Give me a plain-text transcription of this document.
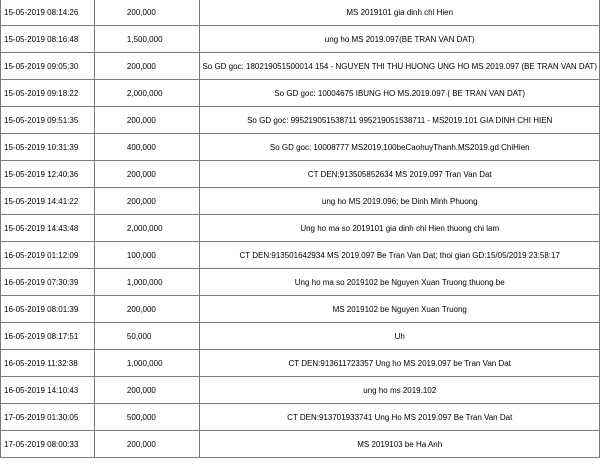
15-05-2019 08:14:26	200,000	MS 2019101 gia dinh chi Hien
15-05-2019 08:16:48	1,500,000	ung ho MS 2019.097(BE TRAN VAN DAT)
15-05-2019 09:05:30	200,000	So GD goc: 180219051500014 154 - NGUYEN THI THU HUONG UNG HO MS 2019.097 (BE TRAN VAN DAT)
15-05-2019 09:18:22	2,000,000	So GD goc: 10004675 IBUNG HO MS.2019.097 ( BE TRAN VAN DAT)
15-05-2019 09:51:35	200,000	So GD goc: 995219051538711 995219051538711 - MS2019.101 GIA DINH CHI HIEN
15-05-2019 10:31:39	400,000	So GD goc: 10008777 MS2019.100beCaohuyThanh.MS2019.gd ChiHien
15-05-2019 12:40:36	200,000	CT DEN:913505852634 MS 2019.097 Tran Van Dat
15-05-2019 14:41:22	200,000	ung ho MS 2019.096; be Dinh Minh Phuong
15-05-2019 14:43:48	2,000,000	Ung ho ma so 2019101 gia dinh chi Hien thuong chi lam
16-05-2019 01:12:09	100,000	CT DEN:913501642934 MS 2019.097 Be Tran Van Dat; thoi gian GD:15/05/2019 23:58:17
16-05-2019 07:30:39	1,000,000	Ung ho ma so 2019102 be Nguyen Xuan Truong thuong be
16-05-2019 08:01:39	200,000	MS 2019102 be Nguyen Xuan Truong
16-05-2019 08:17:51	50,000	Uh
16-05-2019 11:32:38	1,000,000	CT DEN:913611723357 Ung ho MS 2019.097 be Tran Van Dat
16-05-2019 14:10:43	200,000	ung ho ms 2019.102
17-05-2019 01:30:05	500,000	CT DEN:913701933741 Ung Ho MS 2019.097 Be Tran Van Dat
17-05-2019 08:00:33	200,000	MS 2019103 be Ha Anh
